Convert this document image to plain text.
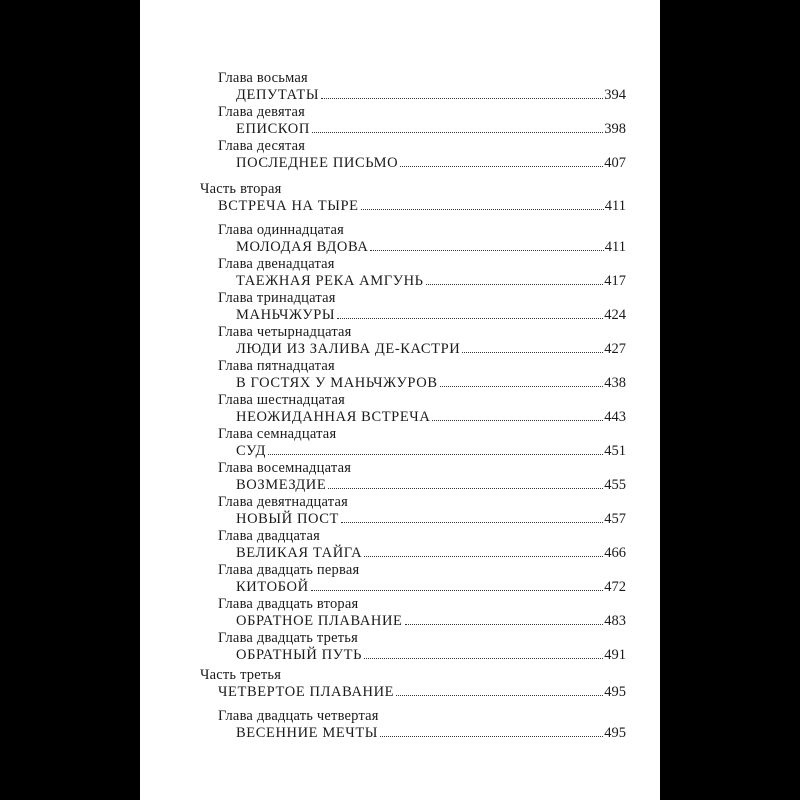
Глава восьмая
ДЕПУТАТЫ	394
Глава девятая
ЕПИСКОП	398
Глава десятая
ПОСЛЕДНЕЕ ПИСЬМО	407
Часть вторая
ВСТРЕЧА НА ТЫРЕ	411
Глава одиннадцатая
МОЛОДАЯ ВДОВА	411
Глава двенадцатая
ТАЕЖНАЯ РЕКА АМГУНЬ	417
Глава тринадцатая
МАНЬЧЖУРЫ	424
Глава четырнадцатая
ЛЮДИ ИЗ ЗАЛИВА ДЕ-КАСТРИ	427
Глава пятнадцатая
В ГОСТЯХ У МАНЬЧЖУРОВ	438
Глава шестнадцатая
НЕОЖИДАННАЯ ВСТРЕЧА	443
Глава семнадцатая
СУД	451
Глава восемнадцатая
ВОЗМЕЗДИЕ	455
Глава девятнадцатая
НОВЫЙ ПОСТ	457
Глава двадцатая
ВЕЛИКАЯ ТАЙГА	466
Глава двадцать первая
КИТОБОЙ	472
Глава двадцать вторая
ОБРАТНОЕ ПЛАВАНИЕ	483
Глава двадцать третья
ОБРАТНЫЙ ПУТЬ	491
Часть третья
ЧЕТВЕРТОЕ ПЛАВАНИЕ	495
Глава двадцать четвертая
ВЕСЕННИЕ МЕЧТЫ	495
